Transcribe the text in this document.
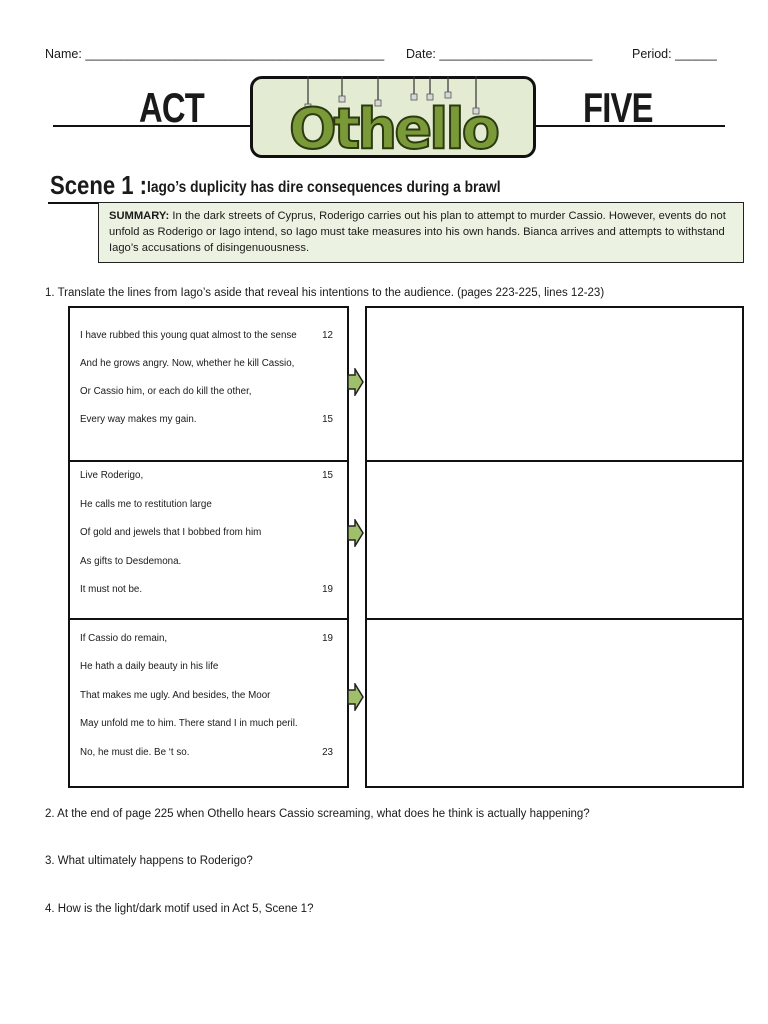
Name: ___________________________________________ Date: ______________________	Period: ______
ACT	FIVE
Othello
Scene 1 : Iago’s duplicity has dire consequences during a brawl
SUMMARY: In the dark streets of Cyprus, Roderigo carries out his plan to attempt to murder Cassio. However, events do not unfold as Roderigo or Iago intend, so Iago must take measures into his own hands. Bianca arrives and attempts to withstand Iago’s accusations of disingenuousness.
1. Translate the lines from Iago’s aside that reveal his intentions to the audience. (pages 223-225, lines 12-23)
I have rubbed this young quat almost to the sense	12
And he grows angry. Now, whether he kill Cassio,
Or Cassio him, or each do kill the other,
Every way makes my gain.	15
Live Roderigo,	15
He calls me to restitution large
Of gold and jewels that I bobbed from him
As gifts to Desdemona.
It must not be.	19
If Cassio do remain,	19
He hath a daily beauty in his life
That makes me ugly. And besides, the Moor
May unfold me to him. There stand I in much peril.
No, he must die. Be ‘t so.	23
2. At the end of page 225 when Othello hears Cassio screaming, what does he think is actually happening?
3. What ultimately happens to Roderigo?
4. How is the light/dark motif used in Act 5, Scene 1?
